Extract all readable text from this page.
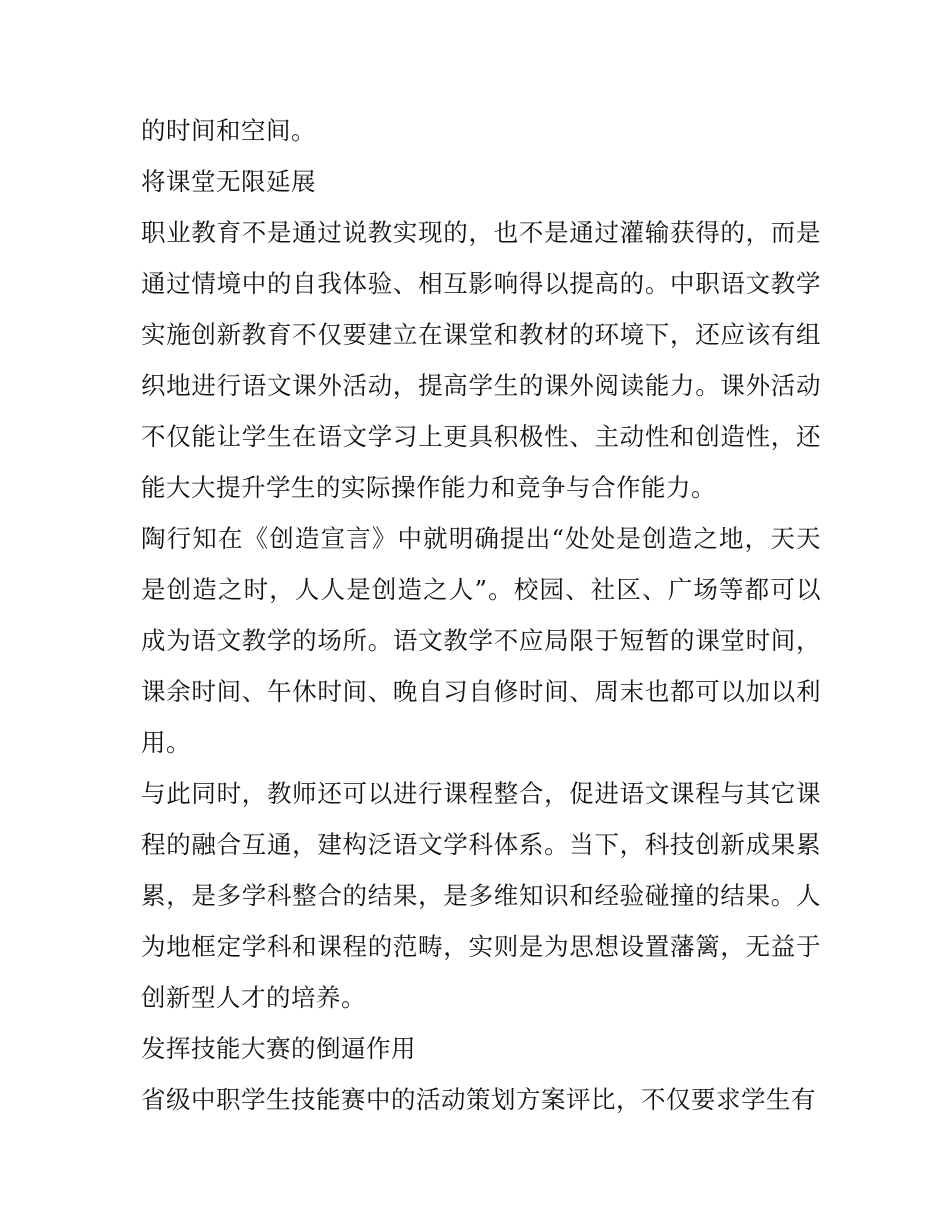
的时间和空间。

将课堂无限延展

职业教育不是通过说教实现的，也不是通过灌输获得的，而是通过情境中的自我体验、相互影响得以提高的。中职语文教学实施创新教育不仅要建立在课堂和教材的环境下，还应该有组织地进行语文课外活动，提高学生的课外阅读能力。课外活动不仅能让学生在语文学习上更具积极性、主动性和创造性，还能大大提升学生的实际操作能力和竞争与合作能力。

陶行知在《创造宣言》中就明确提出“处处是创造之地，天天是创造之时，人人是创造之人”。校园、社区、广场等都可以成为语文教学的场所。语文教学不应局限于短暂的课堂时间，课余时间、午休时间、晚自习自修时间、周末也都可以加以利用。

与此同时，教师还可以进行课程整合，促进语文课程与其它课程的融合互通，建构泛语文学科体系。当下，科技创新成果累累，是多学科整合的结果，是多维知识和经验碰撞的结果。人为地框定学科和课程的范畴，实则是为思想设置藩篱，无益于创新型人才的培养。

发挥技能大赛的倒逼作用

省级中职学生技能赛中的活动策划方案评比，不仅要求学生有
